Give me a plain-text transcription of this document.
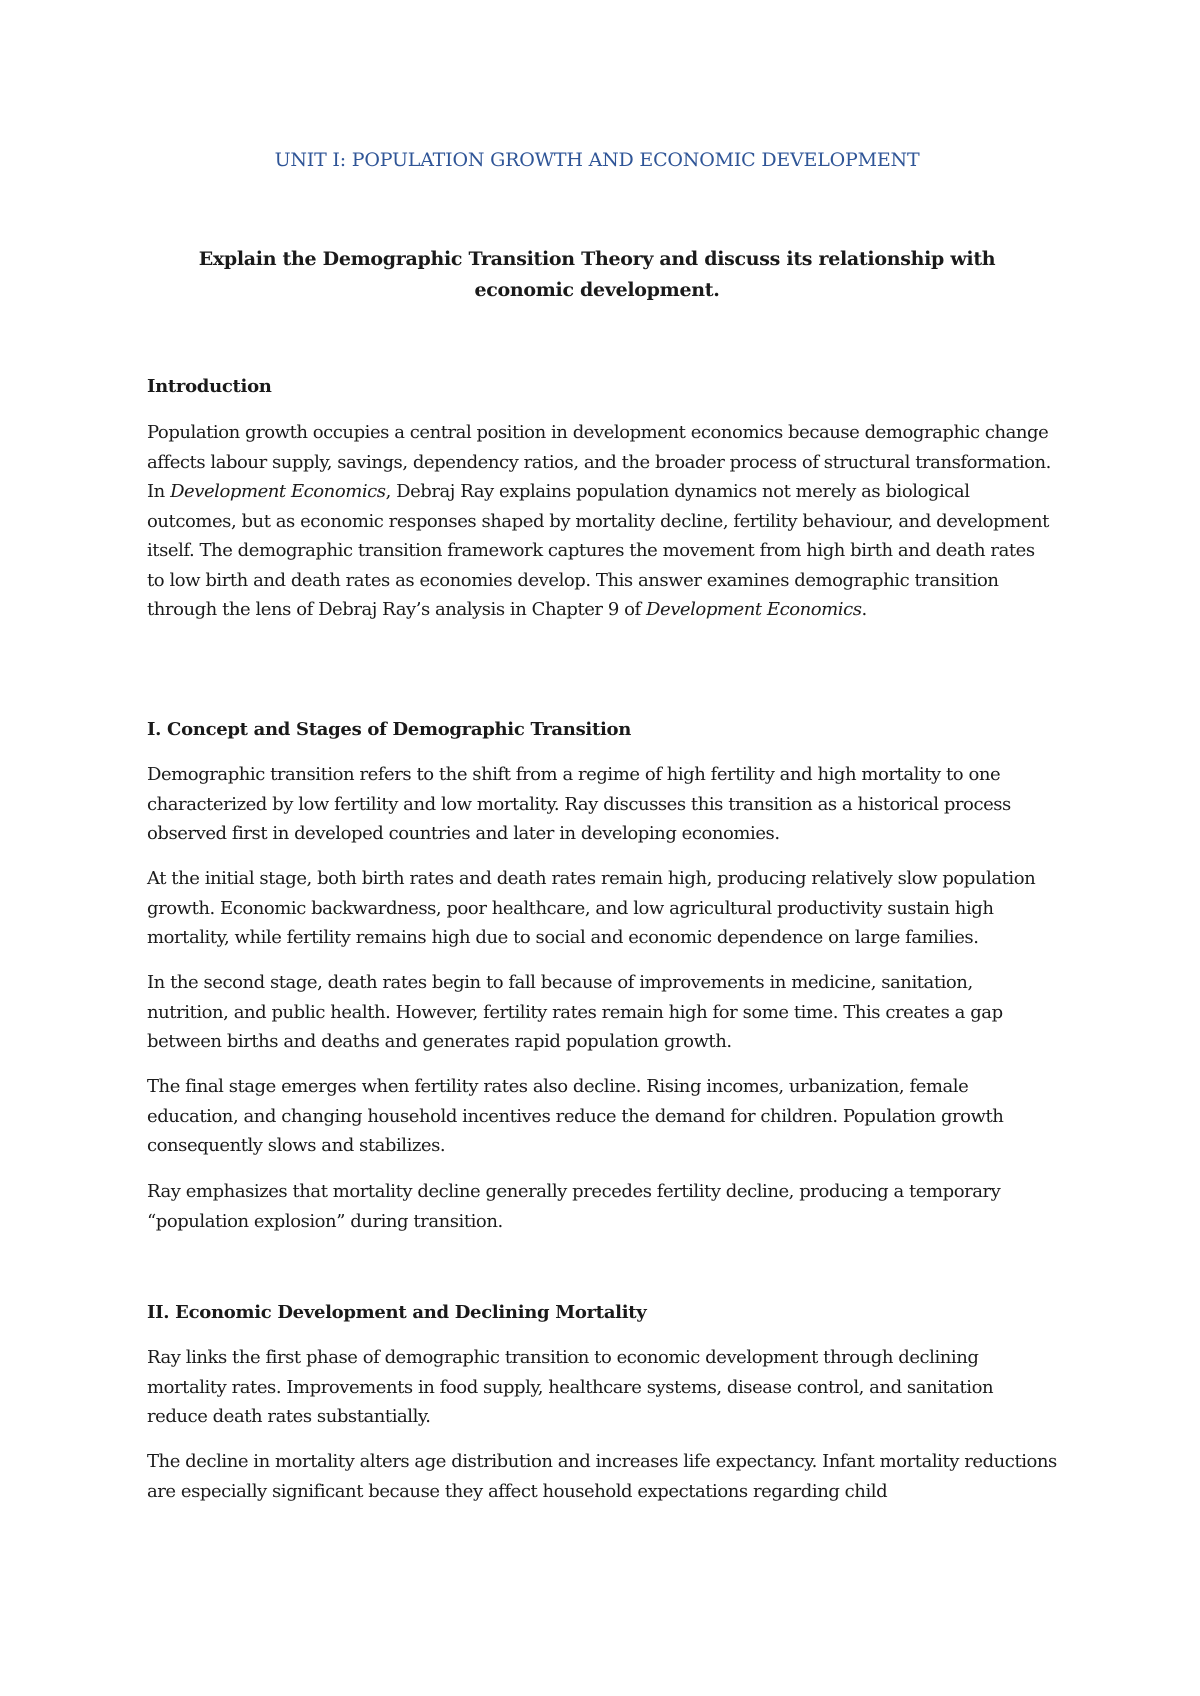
UNIT I: POPULATION GROWTH AND ECONOMIC DEVELOPMENT
Explain the Demographic Transition Theory and discuss its relationship with economic development.
Introduction

Population growth occupies a central position in development economics because demographic change affects labour supply, savings, dependency ratios, and the broader process of structural transformation. In Development Economics, Debraj Ray explains population dynamics not merely as biological outcomes, but as economic responses shaped by mortality decline, fertility behaviour, and development itself. The demographic transition framework captures the movement from high birth and death rates to low birth and death rates as economies develop. This answer examines demographic transition through the lens of Debraj Ray’s analysis in Chapter 9 of Development Economics.

I. Concept and Stages of Demographic Transition

Demographic transition refers to the shift from a regime of high fertility and high mortality to one characterized by low fertility and low mortality. Ray discusses this transition as a historical process observed first in developed countries and later in developing economies.

At the initial stage, both birth rates and death rates remain high, producing relatively slow population growth. Economic backwardness, poor healthcare, and low agricultural productivity sustain high mortality, while fertility remains high due to social and economic dependence on large families.

In the second stage, death rates begin to fall because of improvements in medicine, sanitation, nutrition, and public health. However, fertility rates remain high for some time. This creates a gap between births and deaths and generates rapid population growth.

The final stage emerges when fertility rates also decline. Rising incomes, urbanization, female education, and changing household incentives reduce the demand for children. Population growth consequently slows and stabilizes.

Ray emphasizes that mortality decline generally precedes fertility decline, producing a temporary “population explosion” during transition.

II. Economic Development and Declining Mortality

Ray links the first phase of demographic transition to economic development through declining mortality rates. Improvements in food supply, healthcare systems, disease control, and sanitation reduce death rates substantially.

The decline in mortality alters age distribution and increases life expectancy. Infant mortality reductions are especially significant because they affect household expectations regarding child
